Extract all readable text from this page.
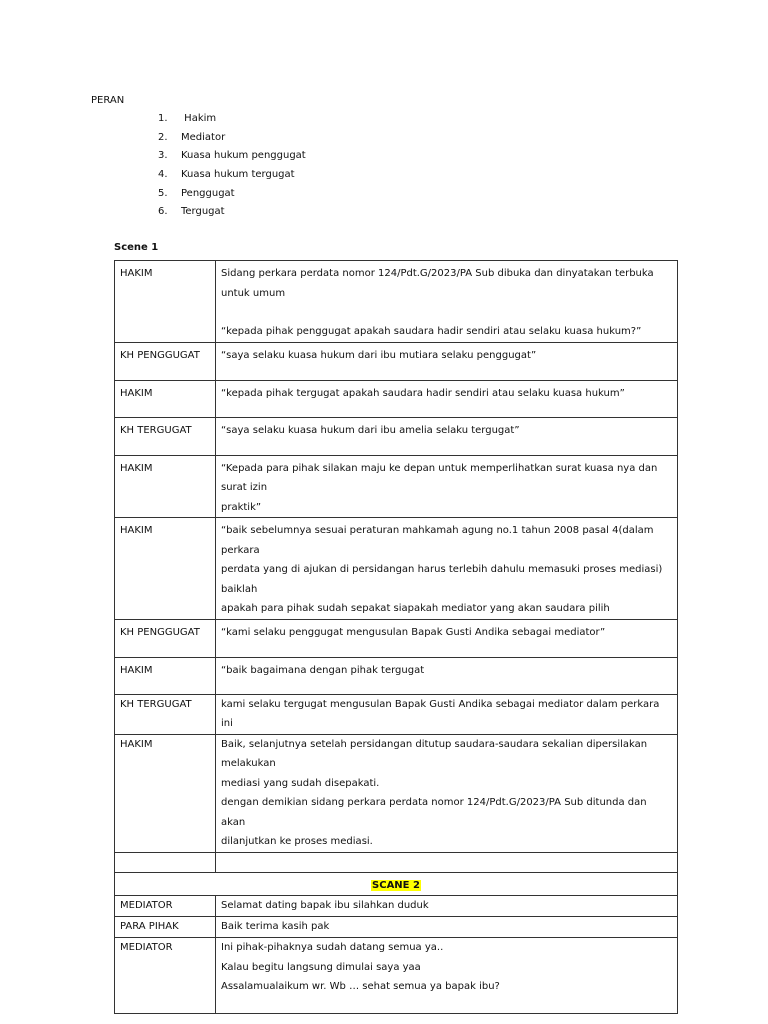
PERAN
1.	Hakim
2.	Mediator
3.	Kuasa hukum penggugat
4.	Kuasa hukum tergugat
5.	Penggugat
6.	Tergugat
Scene 1
HAKIM	Sidang perkara perdata nomor 124/Pdt.G/2023/PA Sub dibuka dan dinyatakan terbuka untuk umum
“kepada pihak penggugat apakah saudara hadir sendiri atau selaku kuasa hukum?”

KH PENGGUGAT	“saya selaku kuasa hukum dari ibu mutiara selaku penggugat”

HAKIM	“kepada pihak tergugat apakah saudara hadir sendiri atau selaku kuasa hukum”

KH TERGUGAT	“saya selaku kuasa hukum dari ibu amelia selaku tergugat”

HAKIM	“Kepada para pihak silakan maju ke depan untuk memperlihatkan surat kuasa nya dan surat izin
praktik”

HAKIM	“baik sebelumnya sesuai peraturan mahkamah agung no.1 tahun 2008 pasal 4(dalam perkara
perdata yang di ajukan di persidangan harus terlebih dahulu memasuki proses mediasi) baiklah
apakah para pihak sudah sepakat siapakah mediator yang akan saudara pilih

KH PENGGUGAT	“kami selaku penggugat mengusulan Bapak Gusti Andika sebagai mediator”

HAKIM	“baik bagaimana dengan pihak tergugat

KH TERGUGAT	kami selaku tergugat mengusulan Bapak Gusti Andika sebagai mediator dalam perkara ini

HAKIM	Baik, selanjutnya setelah persidangan ditutup saudara-saudara sekalian dipersilakan melakukan
mediasi yang sudah disepakati.
dengan demikian sidang perkara perdata nomor 124/Pdt.G/2023/PA Sub ditunda dan akan
dilanjutkan ke proses mediasi.

SCANE 2	
MEDIATOR	Selamat dating bapak ibu silahkan duduk

PARA PIHAK	Baik terima kasih pak

MEDIATOR	Ini pihak-pihaknya sudah datang semua ya..
Kalau begitu langsung dimulai saya yaa
Assalamualaikum wr. Wb … sehat semua ya bapak ibu?
